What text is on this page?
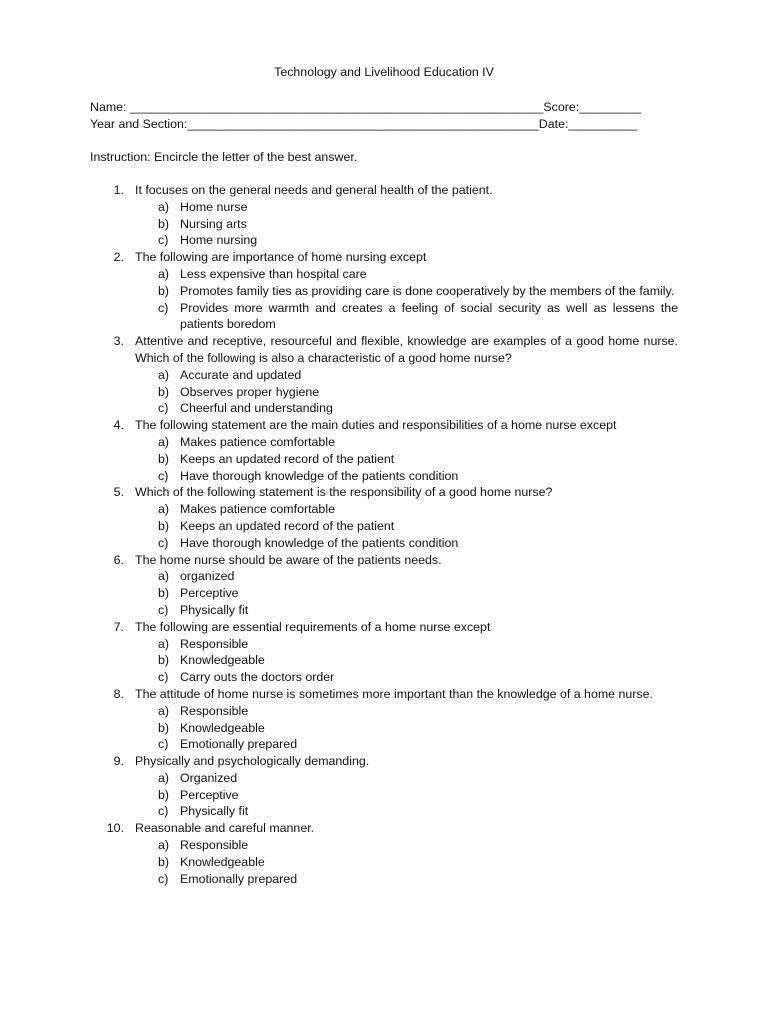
Technology and Livelihood Education IV
Name: ____________________________________________________________Score:_________
Year and Section:___________________________________________________Date:__________
Instruction: Encircle the letter of the best answer.
1. It focuses on the general needs and general health of the patient.
a) Home nurse
b) Nursing arts
c) Home nursing
2. The following are importance of home nursing except
a) Less expensive than hospital care
b) Promotes family ties as providing care is done cooperatively by the members of the family.
c) Provides more warmth and creates a feeling of social security as well as lessens the patients boredom
3. Attentive and receptive, resourceful and flexible, knowledge are examples of a good home nurse. Which of the following is also a characteristic of a good home nurse?
a) Accurate and updated
b) Observes proper hygiene
c) Cheerful and understanding
4. The following statement are the main duties and responsibilities of a home nurse except
a) Makes patience comfortable
b) Keeps an updated record of the patient
c) Have thorough knowledge of the patients condition
5. Which of the following statement is the responsibility of a good home nurse?
a) Makes patience comfortable
b) Keeps an updated record of the patient
c) Have thorough knowledge of the patients condition
6. The home nurse should be aware of the patients needs.
a) organized
b) Perceptive
c) Physically fit
7. The following are essential requirements of a home nurse except
a) Responsible
b) Knowledgeable
c) Carry outs the doctors order
8. The attitude of home nurse is sometimes more important than the knowledge of a home nurse.
a) Responsible
b) Knowledgeable
c) Emotionally prepared
9. Physically and psychologically demanding.
a) Organized
b) Perceptive
c) Physically fit
10. Reasonable and careful manner.
a) Responsible
b) Knowledgeable
c) Emotionally prepared
